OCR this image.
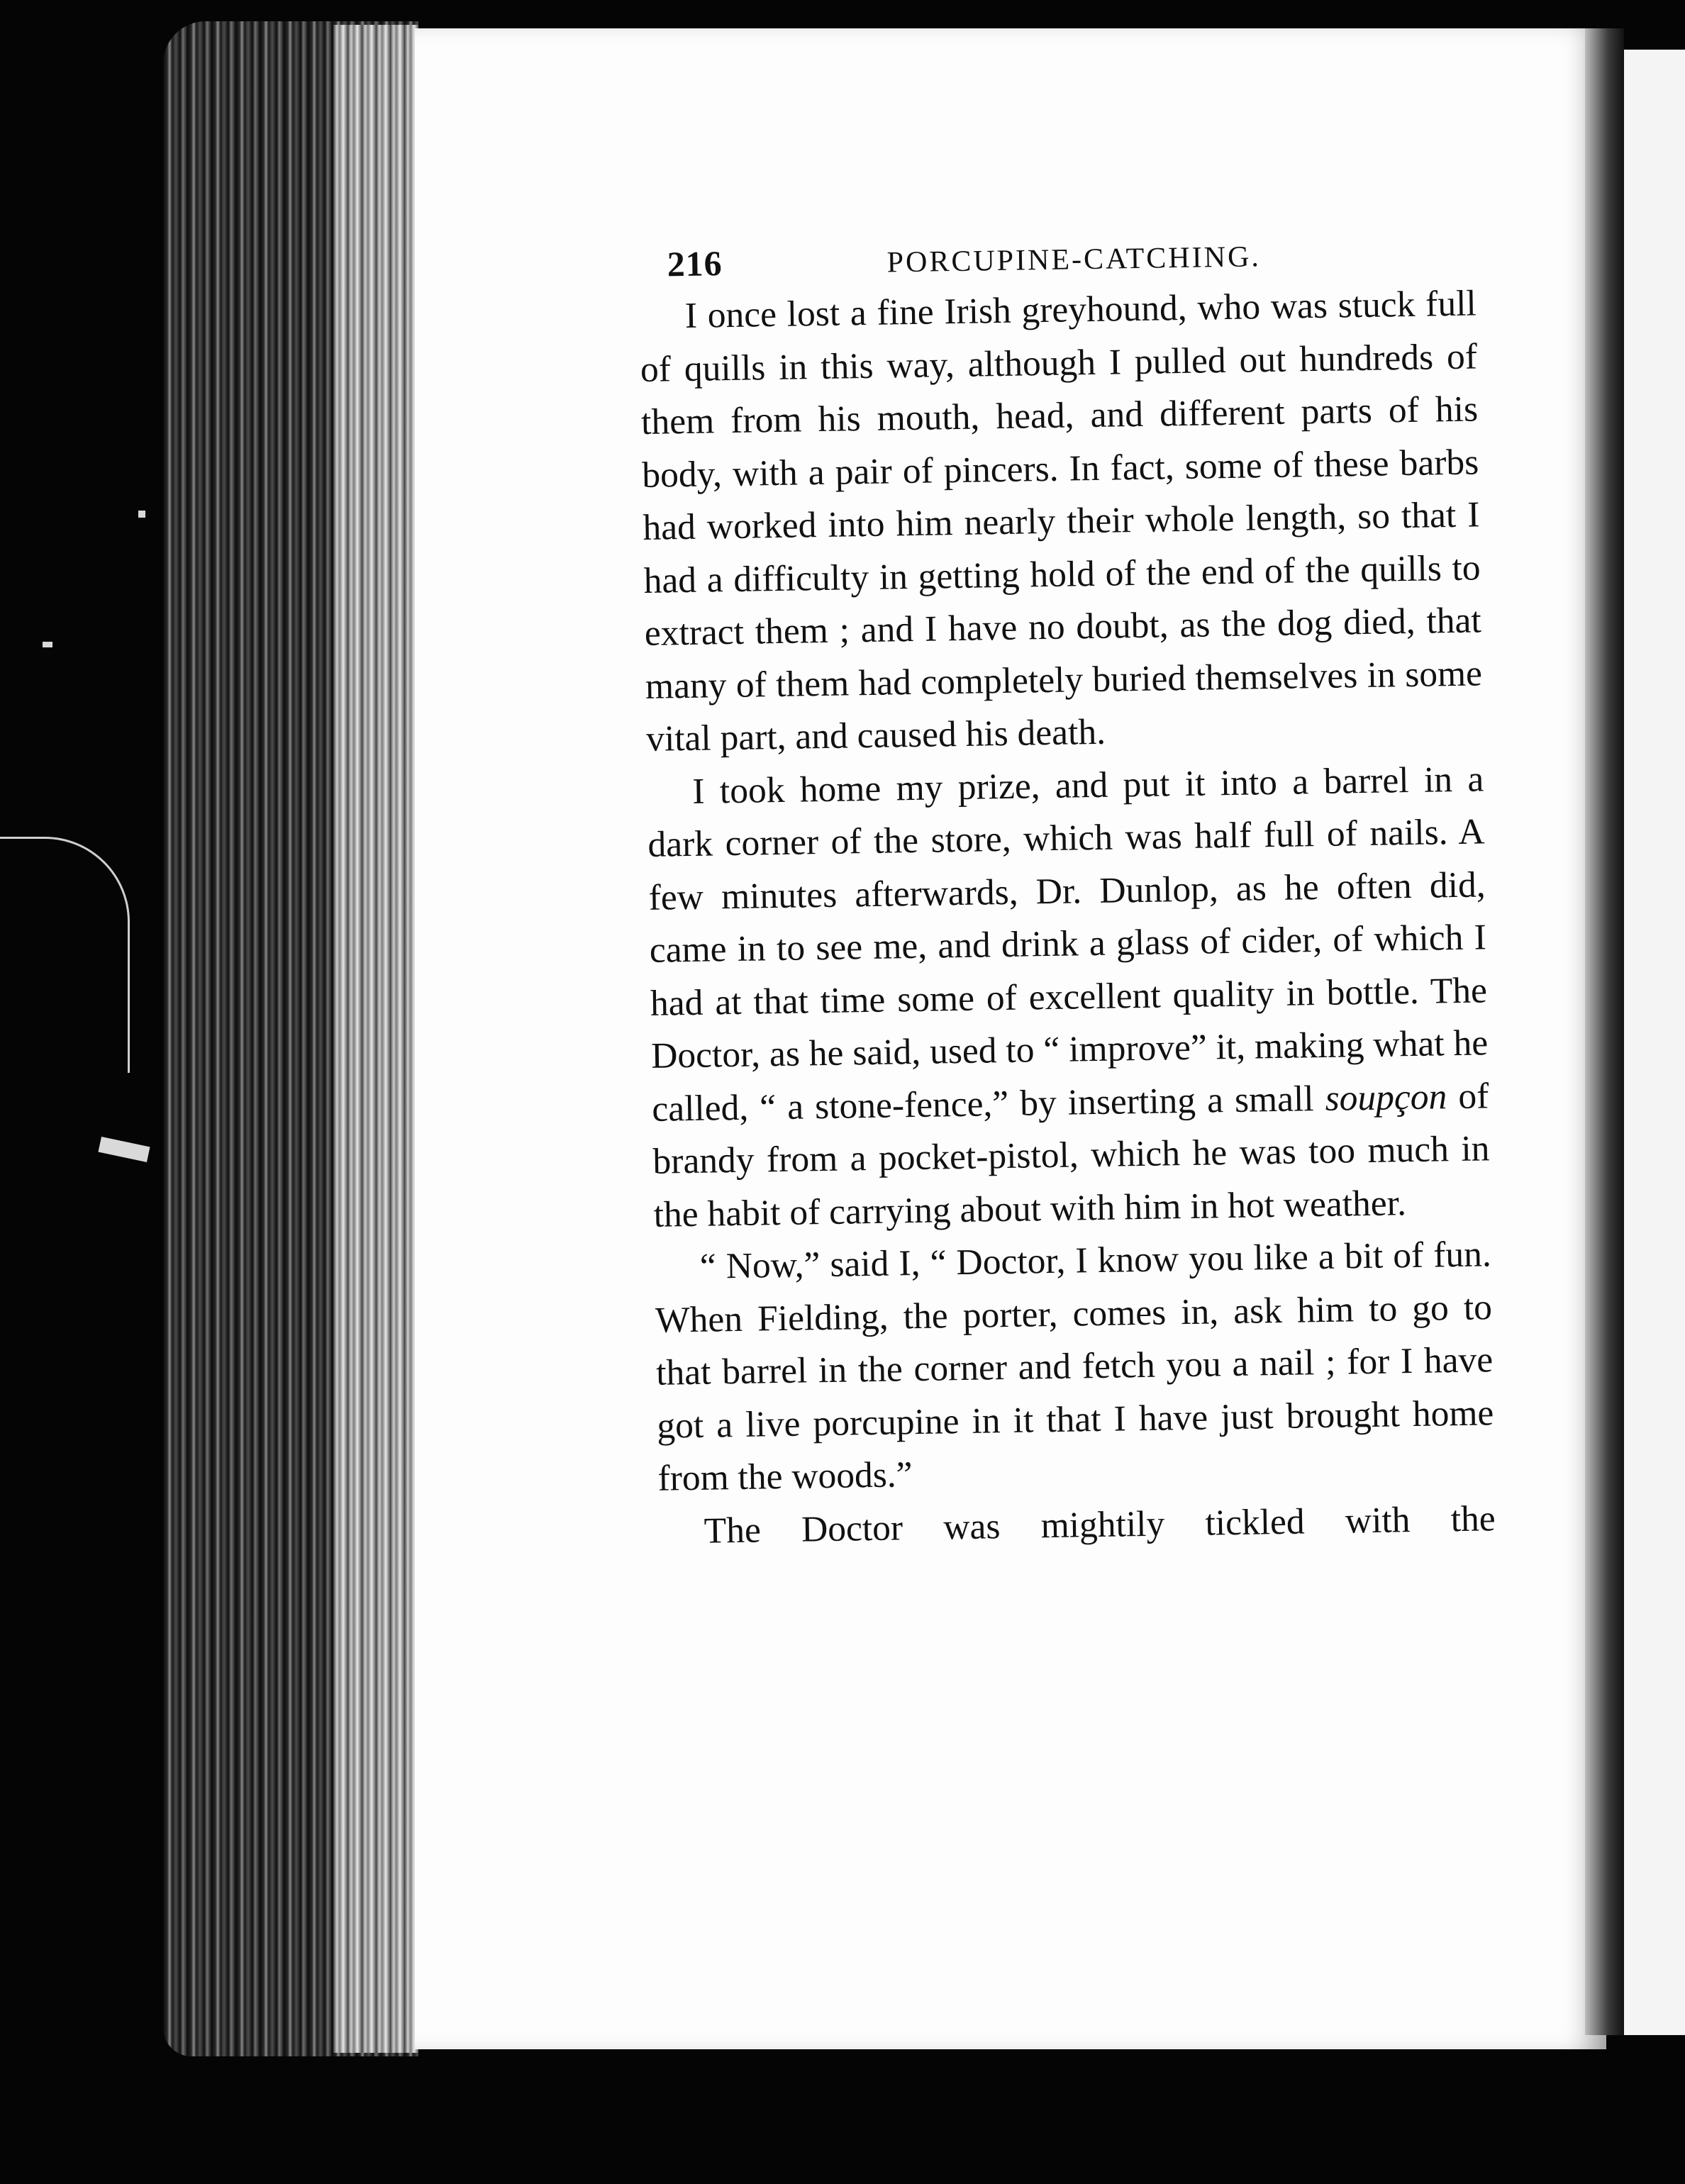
216	PORCUPINE-CATCHING.

I once lost a fine Irish greyhound, who was stuck full of quills in this way, although I pulled out hundreds of them from his mouth, head, and different parts of his body, with a pair of pincers. In fact, some of these barbs had worked into him nearly their whole length, so that I had a difficulty in getting hold of the end of the quills to extract them ; and I have no doubt, as the dog died, that many of them had completely buried themselves in some vital part, and caused his death.

I took home my prize, and put it into a barrel in a dark corner of the store, which was half full of nails. A few minutes afterwards, Dr. Dunlop, as he often did, came in to see me, and drink a glass of cider, of which I had at that time some of excellent quality in bottle. The Doctor, as he said, used to “ improve” it, making what he called, “ a stone-fence,” by inserting a small soupçon of brandy from a pocket-pistol, which he was too much in the habit of carrying about with him in hot weather.

“ Now,” said I, “ Doctor, I know you like a bit of fun. When Fielding, the porter, comes in, ask him to go to that barrel in the corner and fetch you a nail ; for I have got a live porcupine in it that I have just brought home from the woods.”

The Doctor was mightily tickled with the
